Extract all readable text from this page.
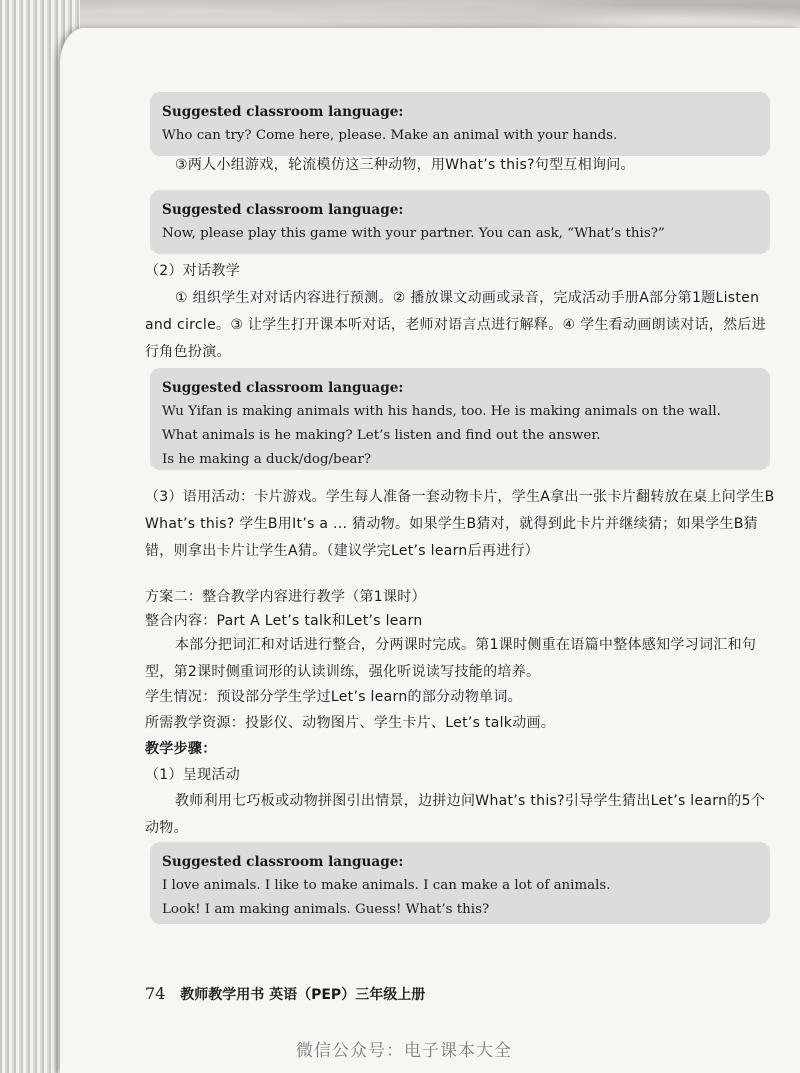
Suggested classroom language:
Who can try? Come here, please. Make an animal with your hands.
③两人小组游戏，轮流模仿这三种动物，用What’s this?句型互相询问。
Suggested classroom language:
Now, please play this game with your partner. You can ask, “What’s this?”
（2）对话教学
① 组织学生对对话内容进行预测。② 播放课文动画或录音，完成活动手册A部分第1题Listen and circle。③ 让学生打开课本听对话，老师对语言点进行解释。④ 学生看动画朗读对话，然后进行角色扮演。
Suggested classroom language:
Wu Yifan is making animals with his hands, too. He is making animals on the wall.
What animals is he making? Let’s listen and find out the answer.
Is he making a duck/dog/bear?
（3）语用活动：卡片游戏。学生每人准备一套动物卡片，学生A拿出一张卡片翻转放在桌上问学生B What’s this? 学生B用It’s a ... 猜动物。如果学生B猜对，就得到此卡片并继续猜；如果学生B猜错，则拿出卡片让学生A猜。（建议学完Let’s learn后再进行）
方案二：整合教学内容进行教学（第1课时）
整合内容：Part A Let’s talk和Let’s learn
本部分把词汇和对话进行整合，分两课时完成。第1课时侧重在语篇中整体感知学习词汇和句型，第2课时侧重词形的认读训练，强化听说读写技能的培养。
学生情况：预设部分学生学过Let’s learn的部分动物单词。
所需教学资源：投影仪、动物图片、学生卡片、Let’s talk动画。
教学步骤：
（1）呈现活动
教师利用七巧板或动物拼图引出情景，边拼边问What’s this?引导学生猜出Let’s learn的5个动物。
Suggested classroom language:
I love animals. I like to make animals. I can make a lot of animals.
Look! I am making animals. Guess! What’s this?
74 教师教学用书 英语（PEP）三年级上册
微信公众号：电子课本大全
